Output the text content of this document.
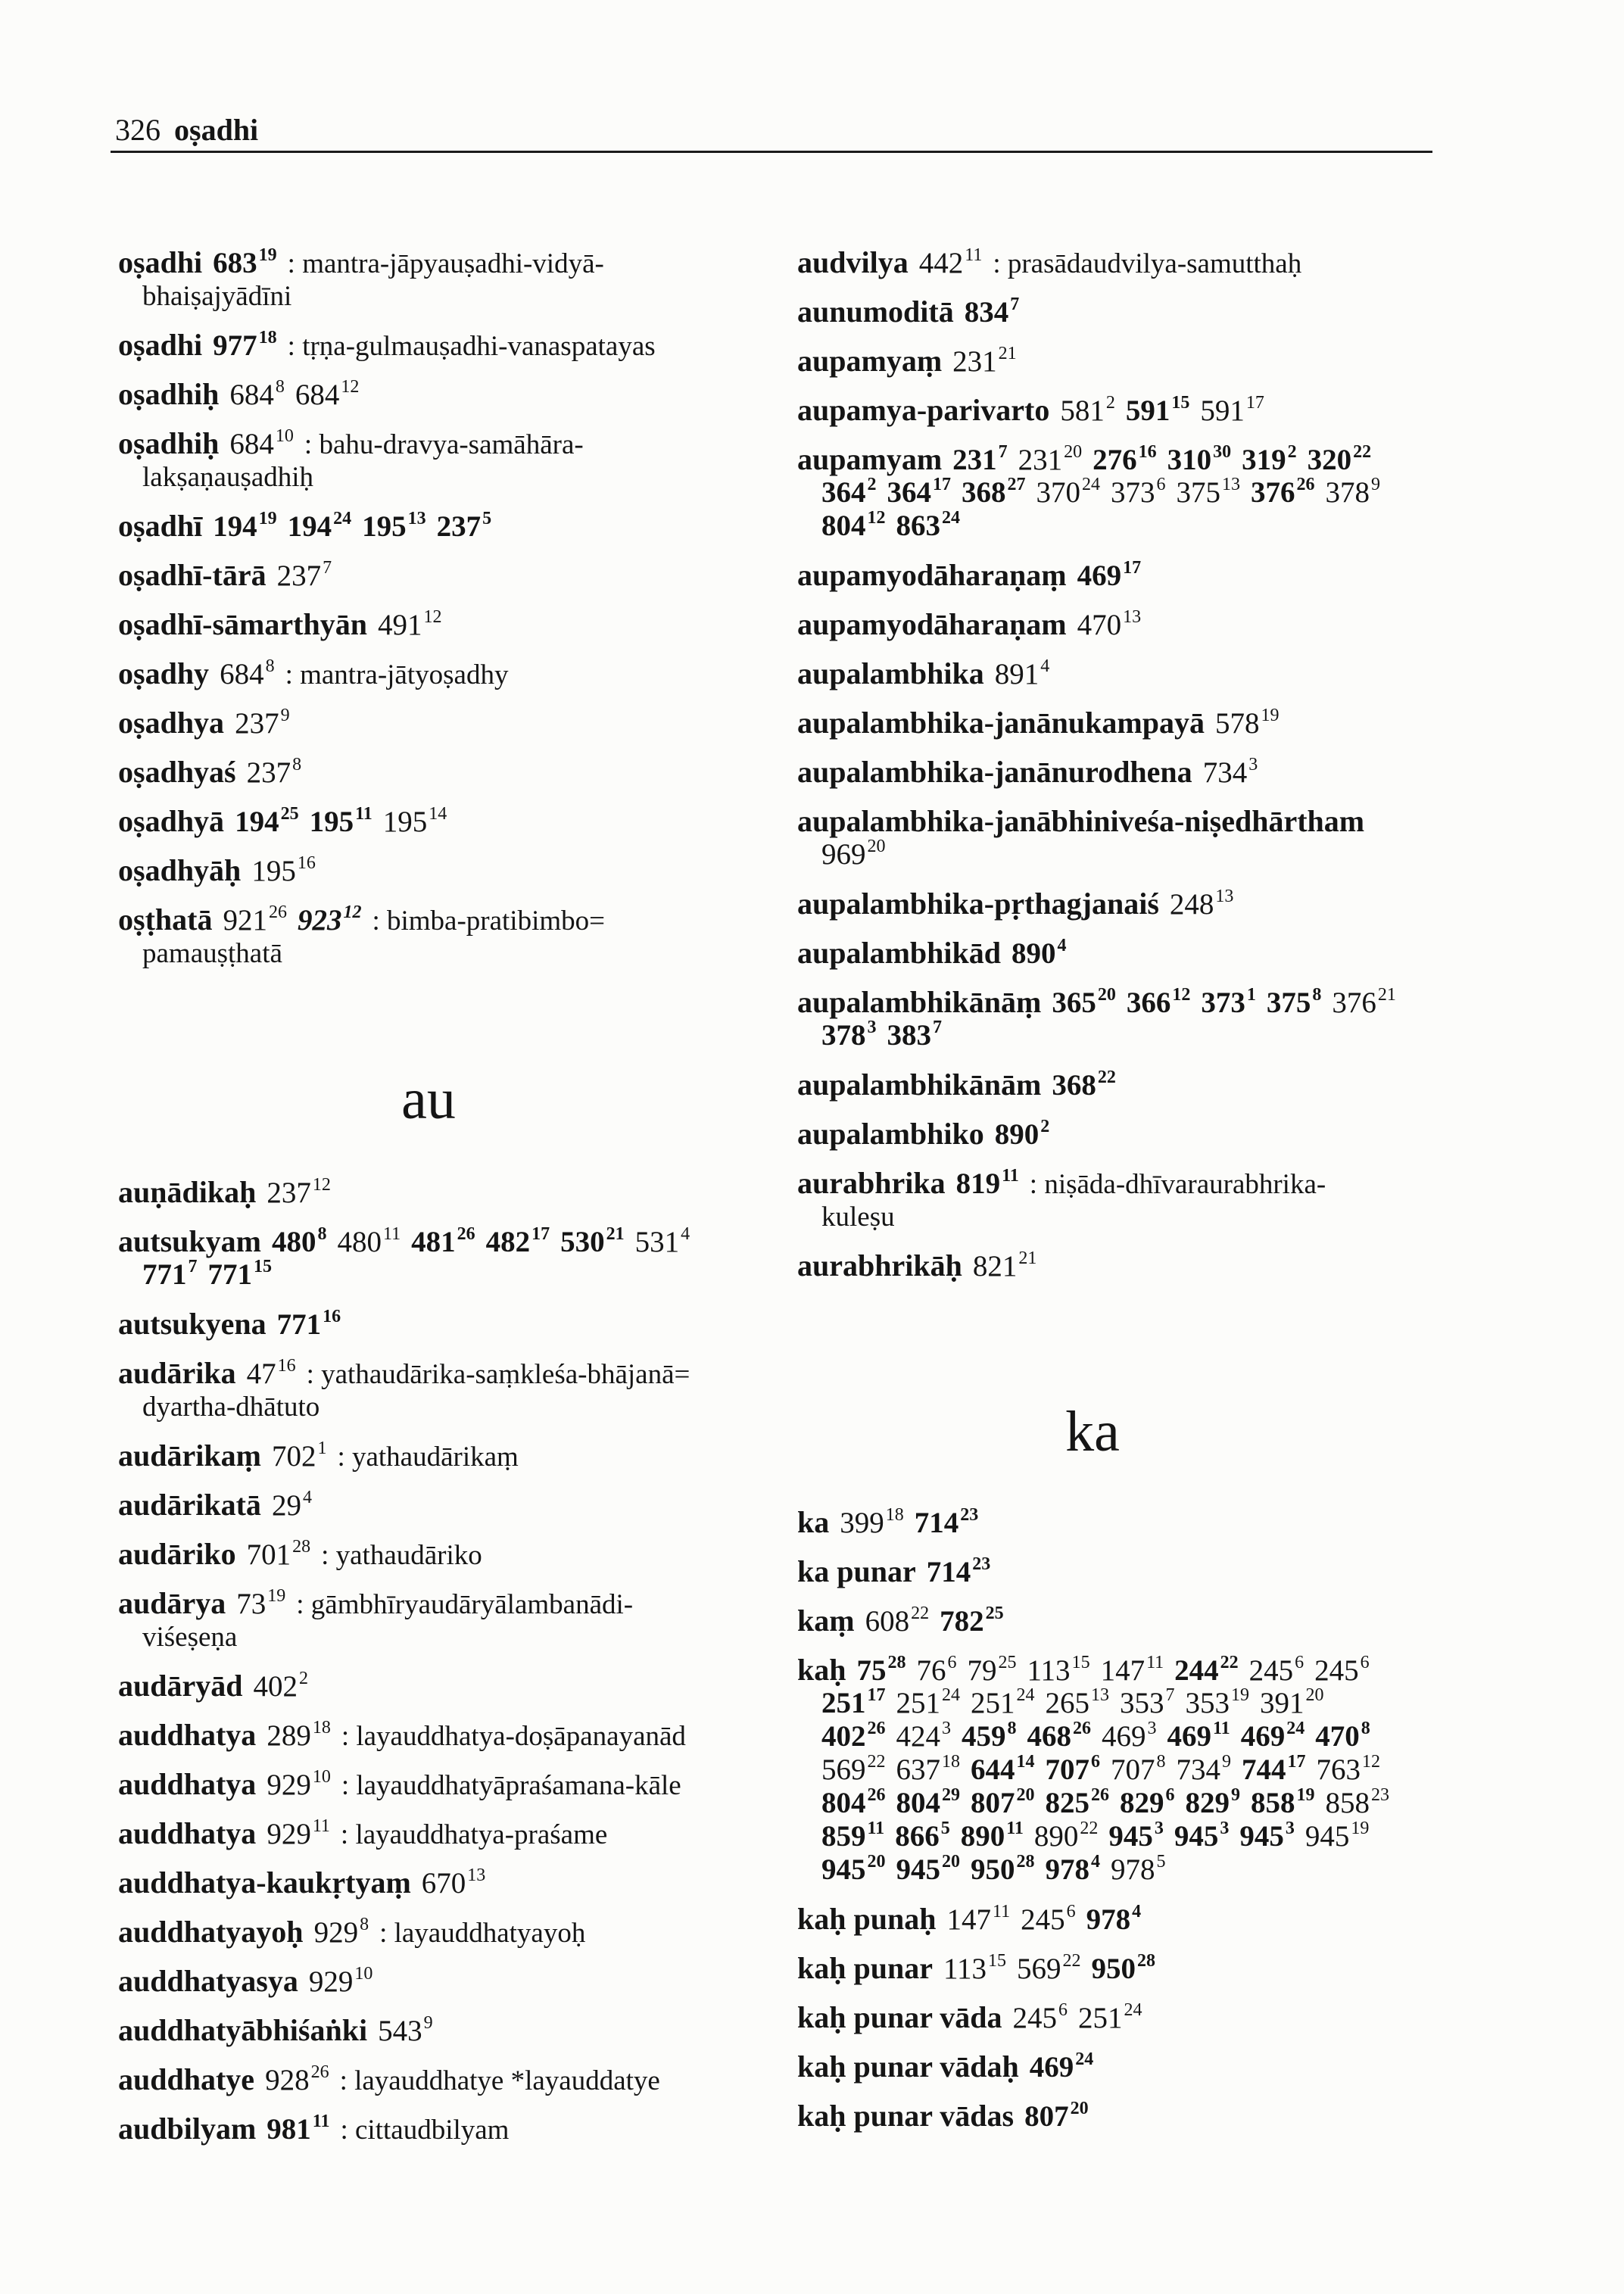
326 oṣadhi
oṣadhi $683^{19}$ : mantra-jāpyauṣadhi-vidyā-
bhaiṣajyādīni
oṣadhi $977^{18}$ : tṛṇa-gulmauṣadhi-vanaspatayas
oṣadhiḥ $684^8$ $684^{12}$
oṣadhiḥ $684^{10}$ : bahu-dravya-samāhāra-
lakṣaṇauṣadhiḥ
oṣadhī $194^{19}$ $194^{24}$ $195^{13}$ $237^5$
oṣadhī-tārā $237^7$
oṣadhī-sāmarthyān $491^{12}$
oṣadhy $684^8$ : mantra-jātyoṣadhy
oṣadhya $237^9$
oṣadhyaś $237^8$
oṣadhyā $194^{25}$ $195^{11}$ $195^{14}$
oṣadhyāḥ $195^{16}$
oṣṭhatā $921^{26}$ $923^{12}$ : bimba-pratibimbo=
pamauṣṭhatā
au
auṇādikaḥ $237^{12}$
autsukyam $480^8$ $480^{11}$ $481^{26}$ $482^{17}$ $530^{21}$ $531^4$
$771^7$ $771^{15}$
autsukyena $771^{16}$
audārika $47^{16}$ : yathaudārika-saṃkleśa-bhājanā=
dyartha-dhātuto
audārikaṃ $702^1$ : yathaudārikaṃ
audārikatā $29^4$
audāriko $701^{28}$ : yathaudāriko
audārya $73^{19}$ : gāmbhīryaudāryālambanādi-
viśeṣeṇa
audāryād $402^2$
auddhatya $289^{18}$ : layauddhatya-doṣāpanayanād
auddhatya $929^{10}$ : layauddhatyāpraśamana-kāle
auddhatya $929^{11}$ : layauddhatya-praśame
auddhatya-kaukṛtyaṃ $670^{13}$
auddhatyayoḥ $929^8$ : layauddhatyayoḥ
auddhatyasya $929^{10}$
auddhatyābhiśaṅki $543^9$
auddhatye $928^{26}$ : layauddhatye *layauddatye
audbilyam $981^{11}$ : cittaudbilyam
audvilya $442^{11}$ : prasādaudvilya-samutthaḥ
aunumoditā $834^7$
aupamyaṃ $231^{21}$
aupamya-parivarto $581^2$ $591^{15}$ $591^{17}$
aupamyam $231^7$ $231^{20}$ $276^{16}$ $310^{30}$ $319^2$ $320^{22}$
$364^2$ $364^{17}$ $368^{27}$ $370^{24}$ $373^6$ $375^{13}$ $376^{26}$ $378^9$
$804^{12}$ $863^{24}$
aupamyodāharaṇaṃ $469^{17}$
aupamyodāharaṇam $470^{13}$
aupalambhika $891^4$
aupalambhika-janānukampayā $578^{19}$
aupalambhika-janānurodhena $734^3$
aupalambhika-janābhiniveśa-niṣedhārtham
$969^{20}$
aupalambhika-pṛthagjanaiś $248^{13}$
aupalambhikād $890^4$
aupalambhikānāṃ $365^{20}$ $366^{12}$ $373^1$ $375^8$ $376^{21}$
$378^3$ $383^7$
aupalambhikānām $368^{22}$
aupalambhiko $890^2$
aurabhrika $819^{11}$ : niṣāda-dhīvaraurabhrika-
kuleṣu
aurabhrikāḥ $821^{21}$
ka
ka $399^{18}$ $714^{23}$
ka punar $714^{23}$
kaṃ $608^{22}$ $782^{25}$
kaḥ $75^{28}$ $76^6$ $79^{25}$ $113^{15}$ $147^{11}$ $244^{22}$ $245^6$ $245^6$
$251^{17}$ $251^{24}$ $251^{24}$ $265^{13}$ $353^7$ $353^{19}$ $391^{20}$
$402^{26}$ $424^3$ $459^8$ $468^{26}$ $469^3$ $469^{11}$ $469^{24}$ $470^8$
$569^{22}$ $637^{18}$ $644^{14}$ $707^6$ $707^8$ $734^9$ $744^{17}$ $763^{12}$
$804^{26}$ $804^{29}$ $807^{20}$ $825^{26}$ $829^6$ $829^9$ $858^{19}$ $858^{23}$
$859^{11}$ $866^5$ $890^{11}$ $890^{22}$ $945^3$ $945^3$ $945^3$ $945^{19}$
$945^{20}$ $945^{20}$ $950^{28}$ $978^4$ $978^5$
kaḥ punaḥ $147^{11}$ $245^6$ $978^4$
kaḥ punar $113^{15}$ $569^{22}$ $950^{28}$
kaḥ punar vāda $245^6$ $251^{24}$
kaḥ punar vādaḥ $469^{24}$
kaḥ punar vādas $807^{20}$
